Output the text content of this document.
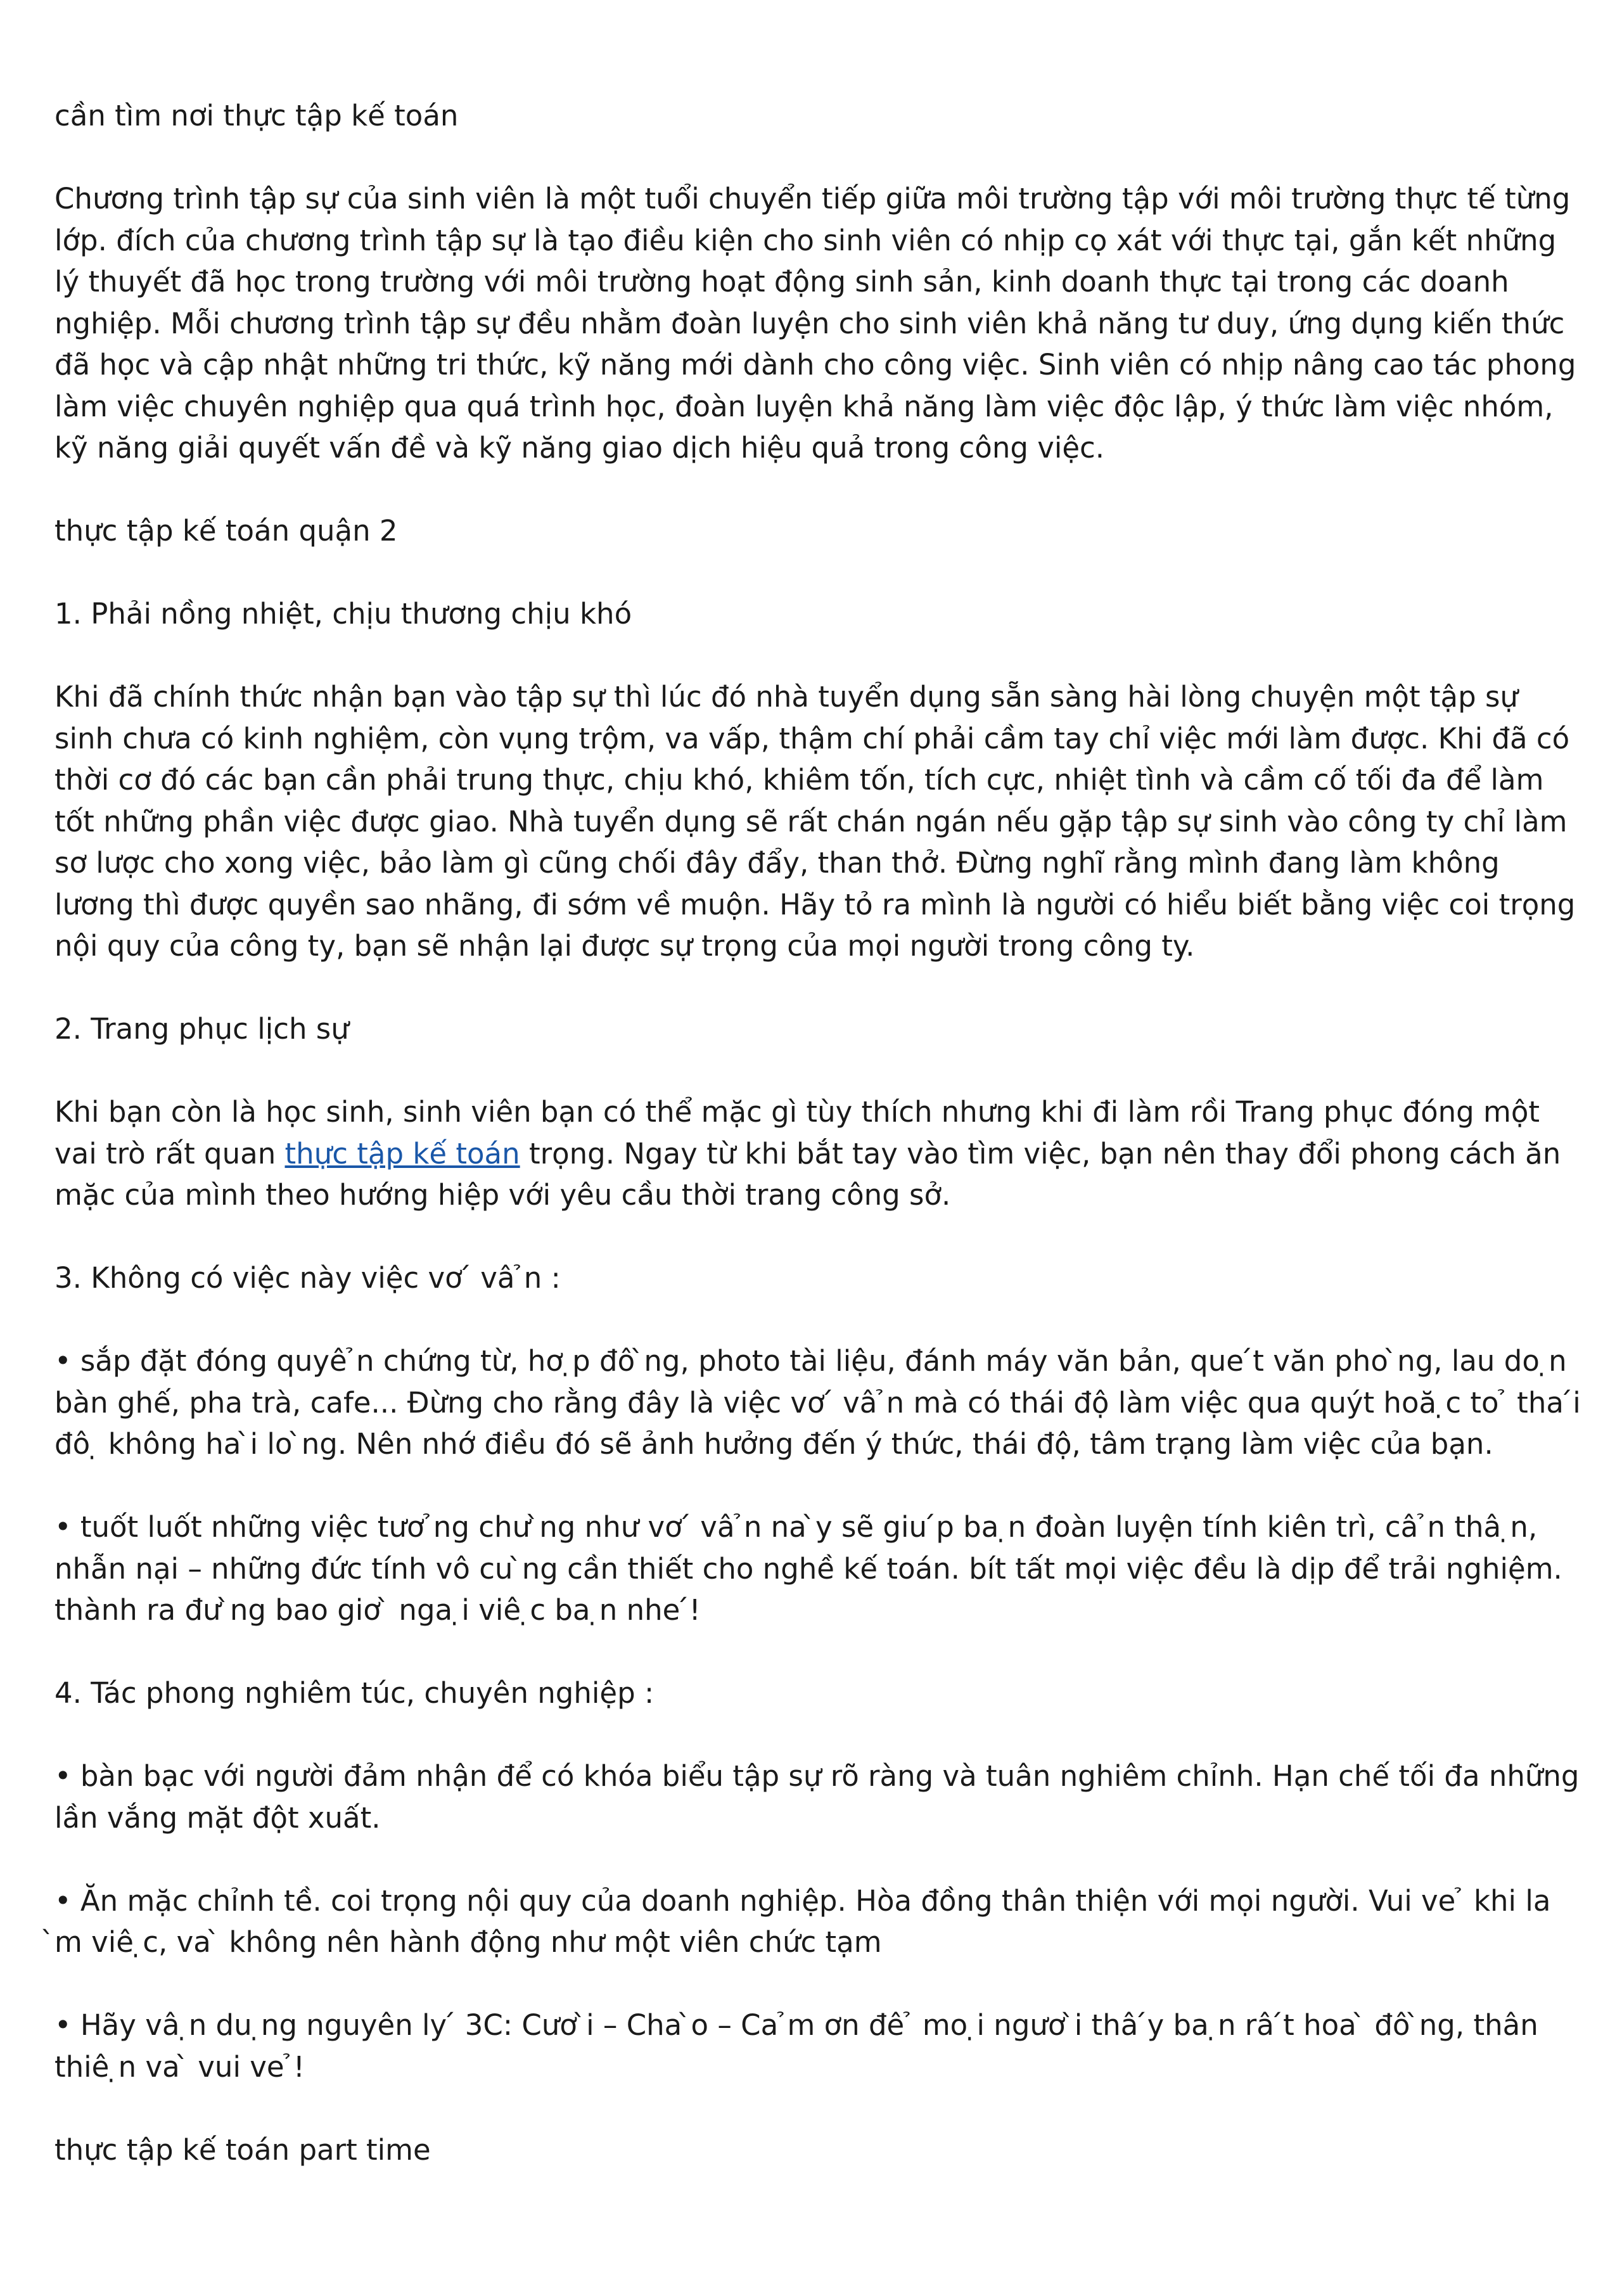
cần tìm nơi thực tập kế toán

Chương trình tập sự của sinh viên là một tuổi chuyển tiếp giữa môi trường tập với môi trường thực tế từng lớp. đích của chương trình tập sự là tạo điều kiện cho sinh viên có nhịp cọ xát với thực tại, gắn kết những lý thuyết đã học trong trường với môi trường hoạt động sinh sản, kinh doanh thực tại trong các doanh nghiệp. Mỗi chương trình tập sự đều nhằm đoàn luyện cho sinh viên khả năng tư duy, ứng dụng kiến thức đã học và cập nhật những tri thức, kỹ năng mới dành cho công việc. Sinh viên có nhịp nâng cao tác phong làm việc chuyên nghiệp qua quá trình học, đoàn luyện khả năng làm việc độc lập, ý thức làm việc nhóm, kỹ năng giải quyết vấn đề và kỹ năng giao dịch hiệu quả trong công việc.

thực tập kế toán quận 2

1. Phải nồng nhiệt, chịu thương chịu khó

Khi đã chính thức nhận bạn vào tập sự thì lúc đó nhà tuyển dụng sẵn sàng hài lòng chuyện một tập sự sinh chưa có kinh nghiệm, còn vụng trộm, va vấp, thậm chí phải cầm tay chỉ việc mới làm được. Khi đã có thời cơ đó các bạn cần phải trung thực, chịu khó, khiêm tốn, tích cực, nhiệt tình và cầm cố tối đa để làm tốt những phần việc được giao. Nhà tuyển dụng sẽ rất chán ngán nếu gặp tập sự sinh vào công ty chỉ làm sơ lược cho xong việc, bảo làm gì cũng chối đây đẩy, than thở. Đừng nghĩ rằng mình đang làm không lương thì được quyền sao nhãng, đi sớm về muộn. Hãy tỏ ra mình là người có hiểu biết bằng việc coi trọng nội quy của công ty, bạn sẽ nhận lại được sự trọng của mọi người trong công ty.

2. Trang phục lịch sự

Khi bạn còn là học sinh, sinh viên bạn có thể mặc gì tùy thích nhưng khi đi làm rồi Trang phục đóng một vai trò rất quan thực tập kế toán trọng. Ngay từ khi bắt tay vào tìm việc, bạn nên thay đổi phong cách ăn mặc của mình theo hướng hiệp với yêu cầu thời trang công sở.

3. Không có việc này việc vơ ́ vâ ̉n :

• sắp đặt đóng quyê ̉n chứng từ, hơ ̣p đô ̀ng, photo tài liệu, đánh máy văn bản, que ́t văn pho ̀ng, lau do ̣n bàn ghế, pha trà, cafe... Đừng cho rằng đây là việc vơ ́ vâ ̉n mà có thái độ làm việc qua quýt hoă ̣c to ̉ tha ́i đô ̣ không ha ̀i lo ̀ng. Nên nhớ điều đó sẽ ảnh hưởng đến ý thức, thái độ, tâm trạng làm việc của bạn.

• tuốt luốt những việc tươ ̉ng chư ̀ng như vơ ́ vâ ̉n na ̀y sẽ giu ́p ba ̣n đoàn luyện tính kiên trì, câ ̉n thâ ̣n, nhẫn nại – những đức tính vô cu ̀ng cần thiết cho nghề kế toán. bít tất mọi việc đều là dịp để trải nghiệm. thành ra đư ̀ng bao giơ ̀ nga ̣i viê ̣c ba ̣n nhe ́!

4. Tác phong nghiêm túc, chuyên nghiệp :

• bàn bạc với người đảm nhận để có khóa biểu tập sự rõ ràng và tuân nghiêm chỉnh. Hạn chế tối đa những lần vắng mặt đột xuất.

• Ăn mặc chỉnh tề. coi trọng nội quy của doanh nghiệp. Hòa đồng thân thiện với mọi người. Vui ve ̉ khi la ̀m viê ̣c, va ̀ không nên hành động như một viên chức tạm

• Hãy vâ ̣n du ̣ng nguyên ly ́ 3C: Cươ ̀i – Cha ̀o – Ca ̉m ơn đê ̉ mo ̣i ngươ ̀i thâ ́y ba ̣n râ ́t hoa ̀ đô ̀ng, thân thiê ̣n va ̀ vui ve ̉!

thực tập kế toán part time
